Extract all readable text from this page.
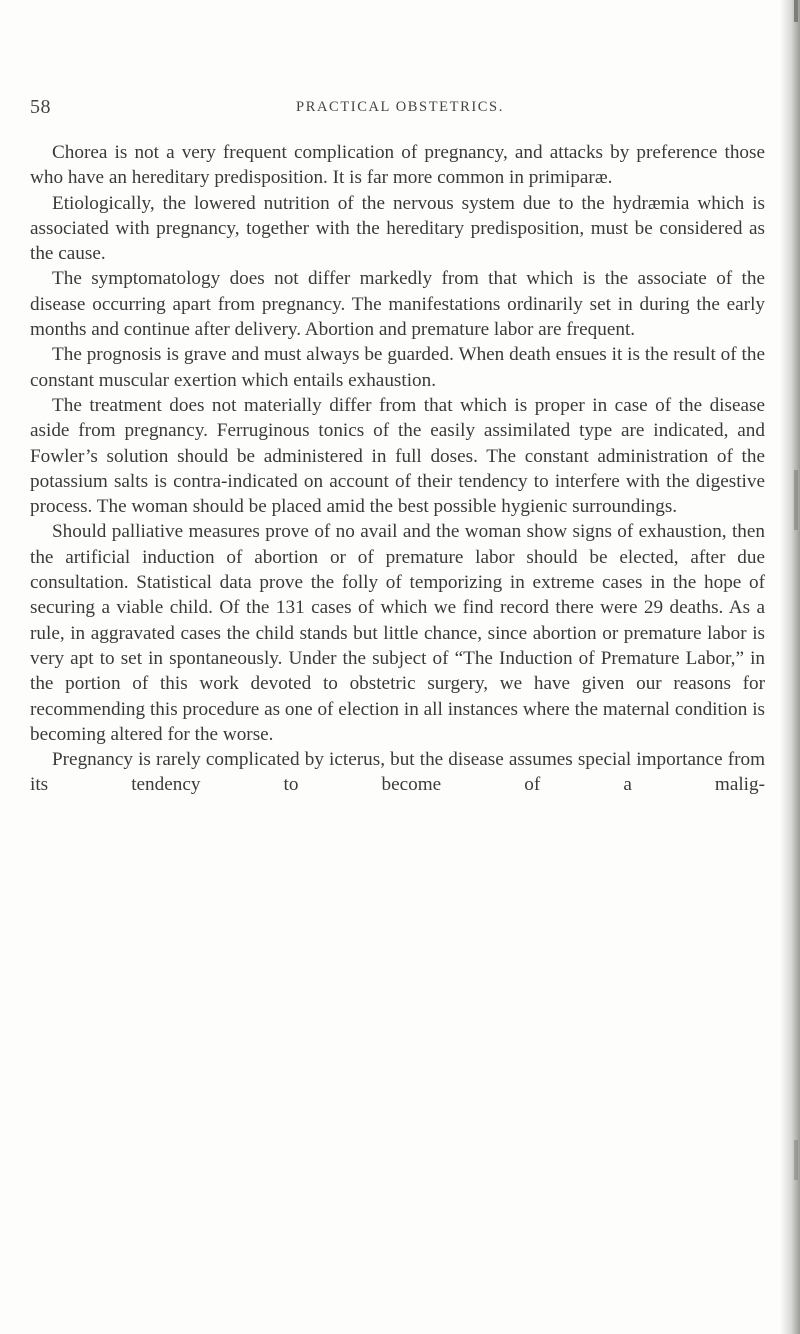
58	PRACTICAL OBSTETRICS.

Chorea is not a very frequent complication of pregnancy, and attacks by preference those who have an hereditary predisposition. It is far more common in primiparæ.

Etiologically, the lowered nutrition of the nervous system due to the hydræmia which is associated with pregnancy, together with the hereditary predisposition, must be considered as the cause.

The symptomatology does not differ markedly from that which is the associate of the disease occurring apart from pregnancy. The manifestations ordinarily set in during the early months and continue after delivery. Abortion and premature labor are frequent.

The prognosis is grave and must always be guarded. When death ensues it is the result of the constant muscular exertion which entails exhaustion.

The treatment does not materially differ from that which is proper in case of the disease aside from pregnancy. Ferruginous tonics of the easily assimilated type are indicated, and Fowler’s solution should be administered in full doses. The constant administration of the potassium salts is contra-indicated on account of their tendency to interfere with the digestive process. The woman should be placed amid the best possible hygienic surroundings.

Should palliative measures prove of no avail and the woman show signs of exhaustion, then the artificial induction of abortion or of premature labor should be elected, after due consultation. Statistical data prove the folly of temporizing in extreme cases in the hope of securing a viable child. Of the 131 cases of which we find record there were 29 deaths. As a rule, in aggravated cases the child stands but little chance, since abortion or premature labor is very apt to set in spontaneously. Under the subject of “The Induction of Premature Labor,” in the portion of this work devoted to obstetric surgery, we have given our reasons for recommending this procedure as one of election in all instances where the maternal condition is becoming altered for the worse.

Pregnancy is rarely complicated by icterus, but the disease assumes special importance from its tendency to become of a malig-
